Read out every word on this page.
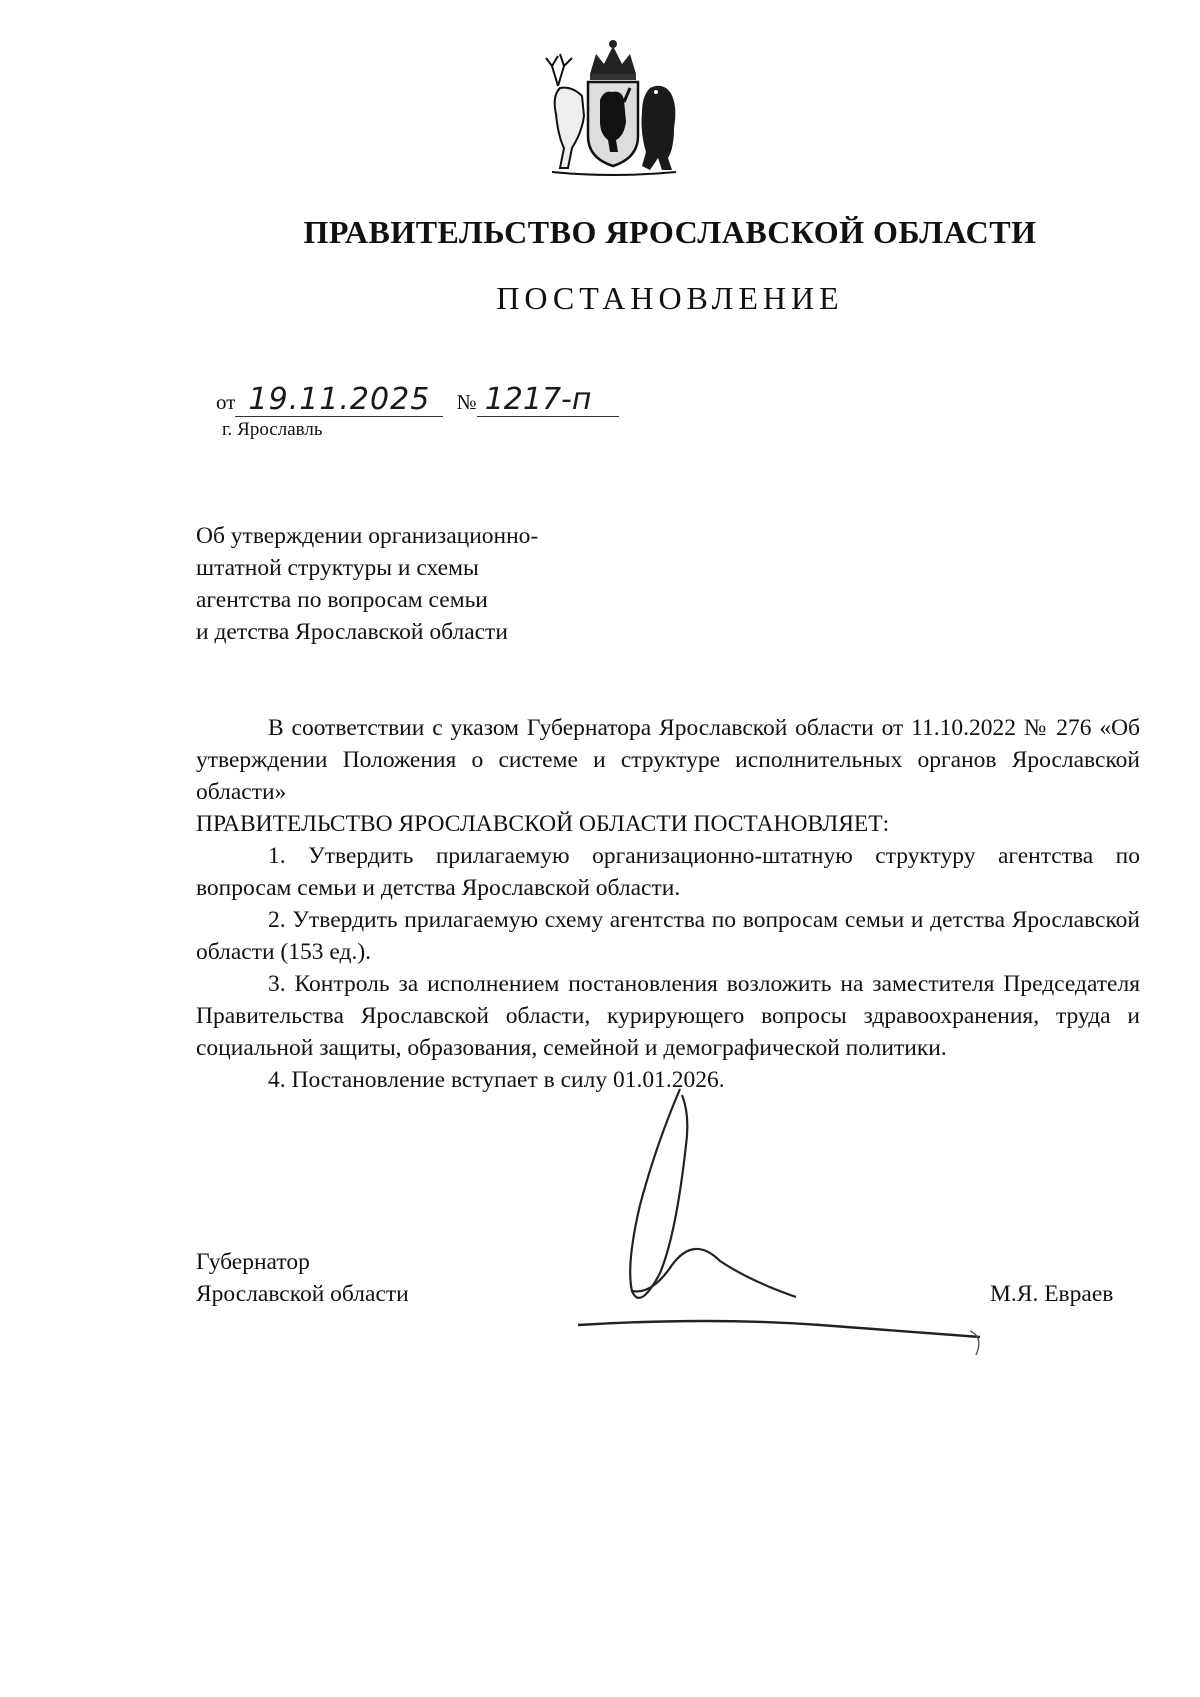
ПРАВИТЕЛЬСТВО ЯРОСЛАВСКОЙ ОБЛАСТИ
ПОСТАНОВЛЕНИЕ
от 19.11.2025 № 1217-п
г. Ярославль
Об утверждении организационно-
штатной структуры и схемы
агентства по вопросам семьи
и детства Ярославской области

В соответствии с указом Губернатора Ярославской области от 11.10.2022 № 276 «Об утверждении Положения о системе и структуре исполнительных органов Ярославской области»

ПРАВИТЕЛЬСТВО ЯРОСЛАВСКОЙ ОБЛАСТИ ПОСТАНОВЛЯЕТ:

1. Утвердить прилагаемую организационно-штатную структуру агентства по вопросам семьи и детства Ярославской области.

2. Утвердить прилагаемую схему агентства по вопросам семьи и детства Ярославской области (153 ед.).

3. Контроль за исполнением постановления возложить на заместителя Председателя Правительства Ярославской области, курирующего вопросы здравоохранения, труда и социальной защиты, образования, семейной и демографической политики.

4. Постановление вступает в силу 01.01.2026.

Губернатор
Ярославской области	М.Я. Евраев
